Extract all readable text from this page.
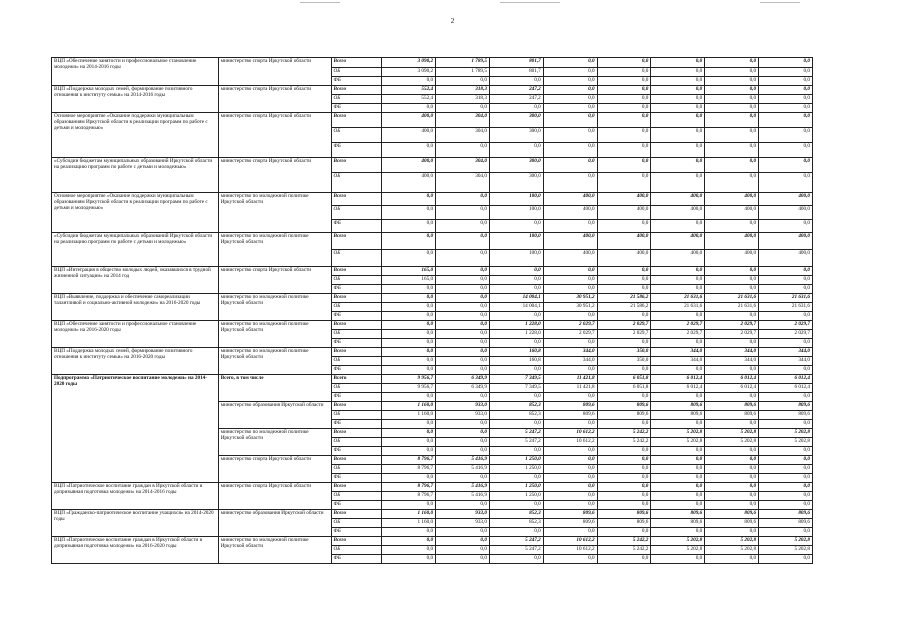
2
ВЦП «Обеспечение занятости и профессиональное становление молодежи» на 2014-2016 годы	министерство спорта Иркутской области	Всего	3 090,2	1 789,5	801,7	0,0	0,0	0,0	0,0	0,0
		ОБ	3 090,2	1 789,5	801,7	0,0	0,0	0,0	0,0	0,0
		ФБ	0,0	0,0	0,0	0,0	0,0	0,0	0,0	0,0
ВЦП «Поддержка молодых семей, формирование позитивного отношения к институту семьи» на 2014-2016 годы	министерство спорта Иркутской области	Всего	552,4	318,3	247,2	0,0	0,0	0,0	0,0	0,0
		ОБ	552,4	318,3	247,2	0,0	0,0	0,0	0,0	0,0
		ФБ	0,0	0,0	0,0	0,0	0,0	0,0	0,0	0,0
Основное мероприятие «Оказание поддержки муниципальным образованиям Иркутской области в реализации программ по работе с детьми и молодежью»	министерство спорта Иркутской области	Всего	400,0	304,0	300,0	0,0	0,0	0,0	0,0	0,0
		ОБ	400,0	304,0	300,0	0,0	0,0	0,0	0,0	0,0
		ФБ	0,0	0,0	0,0	0,0	0,0	0,0	0,0	0,0
«Субсидии бюджетам муниципальных образований Иркутской области на реализацию программ по работе с детьми и молодежью»	министерство спорта Иркутской области	Всего	400,0	304,0	300,0	0,0	0,0	0,0	0,0	0,0
		ОБ	400,0	304,0	300,0	0,0	0,0	0,0	0,0	0,0
Основное мероприятие «Оказание поддержки муниципальным образованиям Иркутской области в реализации программ по работе с детьми и молодежью»	министерство по молодежной политике Иркутской области	Всего	0,0	0,0	100,0	400,0	400,0	400,0	400,0	400,0
		ОБ	0,0	0,0	100,0	400,0	400,0	400,0	400,0	400,0
		ФБ	0,0	0,0	0,0	0,0	0,0	0,0	0,0	0,0
«Субсидии бюджетам муниципальных образований Иркутской области на реализацию программ по работе с детьми и молодежью»	министерство по молодежной политике Иркутской области	Всего	0,0	0,0	100,0	400,0	400,0	400,0	400,0	400,0
		ОБ	0,0	0,0	100,0	400,0	400,0	400,0	400,0	400,0
ВЦП «Интеграция в общество молодых людей, оказавшихся в трудной жизненной ситуации» на 2014 год	министерство спорта Иркутской области	Всего	165,0	0,0	0,0	0,0	0,0	0,0	0,0	0,0
		ОБ	165,0	0,0	0,0	0,0	0,0	0,0	0,0	0,0
		ФБ	0,0	0,0	0,0	0,0	0,0	0,0	0,0	0,0
ВЦП «Выявление, поддержка и обеспечение самореализации талантливой и социально-активной молодежи» на 2016-2020 годы	министерство по молодежной политике Иркутской области	Всего	0,0	0,0	14 004,1	30 951,2	21 586,2	21 631,6	21 631,6	21 631,6
		ОБ	0,0	0,0	14 004,1	30 951,2	21 586,2	21 631,6	21 631,6	21 631,6
		ФБ	0,0	0,0	0,0	0,0	0,0	0,0	0,0	0,0
ВЦП «Обеспечение занятости и профессиональное становление молодежи» на 2016-2020 годы	министерство по молодежной политике Иркутской области	Всего	0,0	0,0	1 228,0	2 029,7	2 029,7	2 029,7	2 029,7	2 029,7
		ОБ	0,0	0,0	1 228,0	2 029,7	2 029,7	2 029,7	2 029,7	2 029,7
		ФБ	0,0	0,0	0,0	0,0	0,0	0,0	0,0	0,0
ВЦП «Поддержка молодых семей, формирование позитивного отношения к институту семьи» на 2016-2020 годы	министерство по молодежной политике Иркутской области	Всего	0,0	0,0	160,8	344,0	350,0	344,0	344,0	344,0
		ОБ	0,0	0,0	160,8	344,0	350,0	344,0	344,0	344,0
		ФБ	0,0	0,0	0,0	0,0	0,0	0,0	0,0	0,0
Подпрограмма «Патриотическое воспитание молодежи» на 2014-2020 годы	Всего, в том числе	Всего	9 956,7	6 349,9	7 349,5	11 421,8	6 051,8	6 012,4	6 012,4	6 012,4
		ОБ	9 956,7	6 349,9	7 349,5	11 421,8	6 051,8	6 012,4	6 012,4	6 012,4
		ФБ	0,0	0,0	0,0	0,0	0,0	0,0	0,0	0,0
	министерство образования Иркутской области	Всего	1 160,0	933,0	852,3	809,6	809,6	809,6	809,6	809,6
		ОБ	1 160,0	933,0	852,3	809,6	809,6	809,6	809,6	809,6
		ФБ	0,0	0,0	0,0	0,0	0,0	0,0	0,0	0,0
	министерство по молодежной политике Иркутской области	Всего	0,0	0,0	5 247,2	10 612,2	5 242,2	5 202,8	5 202,8	5 202,8
		ОБ	0,0	0,0	5 247,2	10 612,2	5 242,2	5 202,8	5 202,8	5 202,8
		ФБ	0,0	0,0	0,0	0,0	0,0	0,0	0,0	0,0
	министерство спорта Иркутской области	Всего	8 796,7	5 416,9	1 250,0	0,0	0,0	0,0	0,0	0,0
		ОБ	8 796,7	5 416,9	1 250,0	0,0	0,0	0,0	0,0	0,0
		ФБ	0,0	0,0	0,0	0,0	0,0	0,0	0,0	0,0
ВЦП «Патриотическое воспитание граждан в Иркутской области и допризывная подготовка молодежи» на 2014-2016 годы	министерство спорта Иркутской области	Всего	8 796,7	5 416,9	1 250,0	0,0	0,0	0,0	0,0	0,0
		ОБ	8 796,7	5 416,9	1 250,0	0,0	0,0	0,0	0,0	0,0
		ФБ	0,0	0,0	0,0	0,0	0,0	0,0	0,0	0,0
ВЦП «Гражданско-патриотическое воспитание учащихся» на 2014-2020 годы	министерство образования Иркутской области	Всего	1 160,0	933,0	852,3	809,6	809,6	809,6	809,6	809,6
		ОБ	1 160,0	933,0	852,3	809,6	809,6	809,6	809,6	809,6
		ФБ	0,0	0,0	0,0	0,0	0,0	0,0	0,0	0,0
ВЦП «Патриотическое воспитание граждан в Иркутской области и допризывная подготовка молодежи» на 2016-2020 годы	министерство по молодежной политике Иркутской области	Всего	0,0	0,0	5 247,2	10 612,2	5 242,2	5 202,8	5 202,8	5 202,8
		ОБ	0,0	0,0	5 247,2	10 612,2	5 242,2	5 202,8	5 202,8	5 202,8
		ФБ	0,0	0,0	0,0	0,0	0,0	0,0	0,0	0,0
